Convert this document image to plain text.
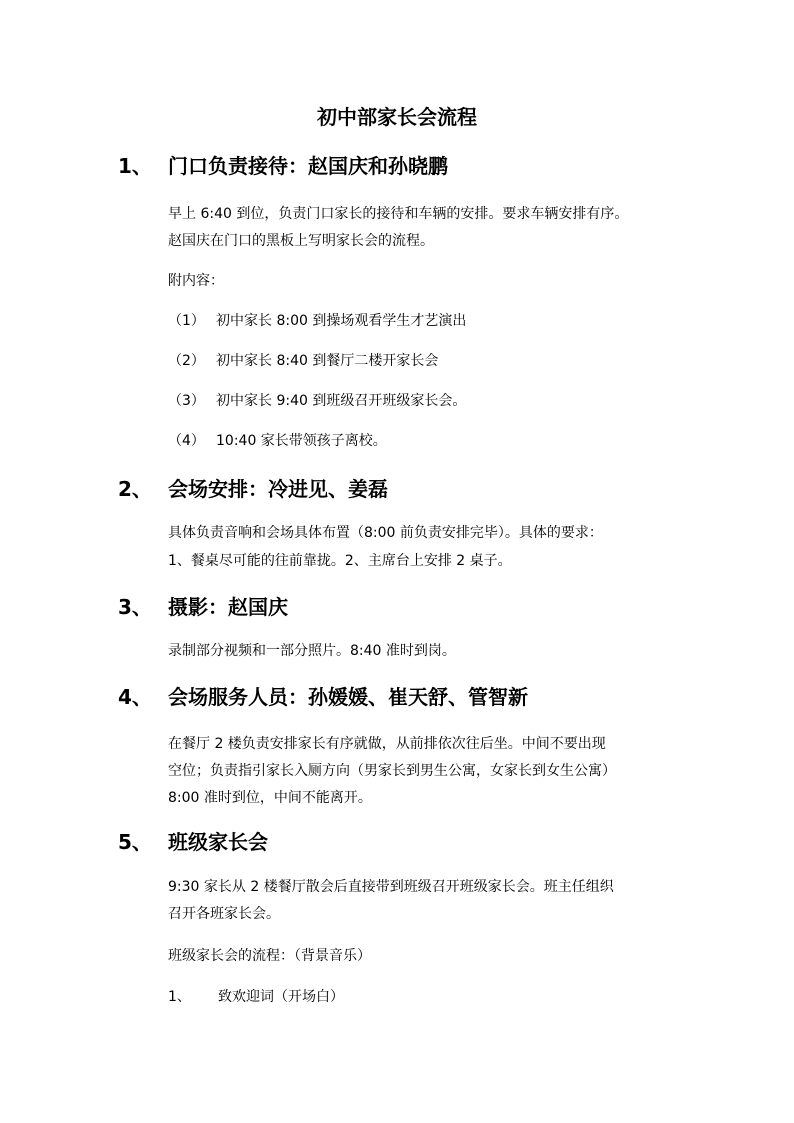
初中部家长会流程
1、 门口负责接待：赵国庆和孙晓鹏
早上 6:40 到位，负责门口家长的接待和车辆的安排。要求车辆安排有序。
赵国庆在门口的黑板上写明家长会的流程。
附内容：
（1） 初中家长 8:00 到操场观看学生才艺演出
（2） 初中家长 8:40 到餐厅二楼开家长会
（3） 初中家长 9:40 到班级召开班级家长会。
（4） 10:40 家长带领孩子离校。
2、 会场安排：冷进见、姜磊
具体负责音响和会场具体布置（8:00 前负责安排完毕）。具体的要求：
1、餐桌尽可能的往前靠拢。2、主席台上安排 2 桌子。
3、 摄影：赵国庆
录制部分视频和一部分照片。8:40 准时到岗。
4、 会场服务人员：孙媛媛、崔天舒、管智新
在餐厅 2 楼负责安排家长有序就做，从前排依次往后坐。中间不要出现
空位；负责指引家长入厕方向（男家长到男生公寓，女家长到女生公寓）
8:00 准时到位，中间不能离开。
5、 班级家长会
9:30 家长从 2 楼餐厅散会后直接带到班级召开班级家长会。班主任组织
召开各班家长会。
班级家长会的流程：（背景音乐）
1、 致欢迎词（开场白）
